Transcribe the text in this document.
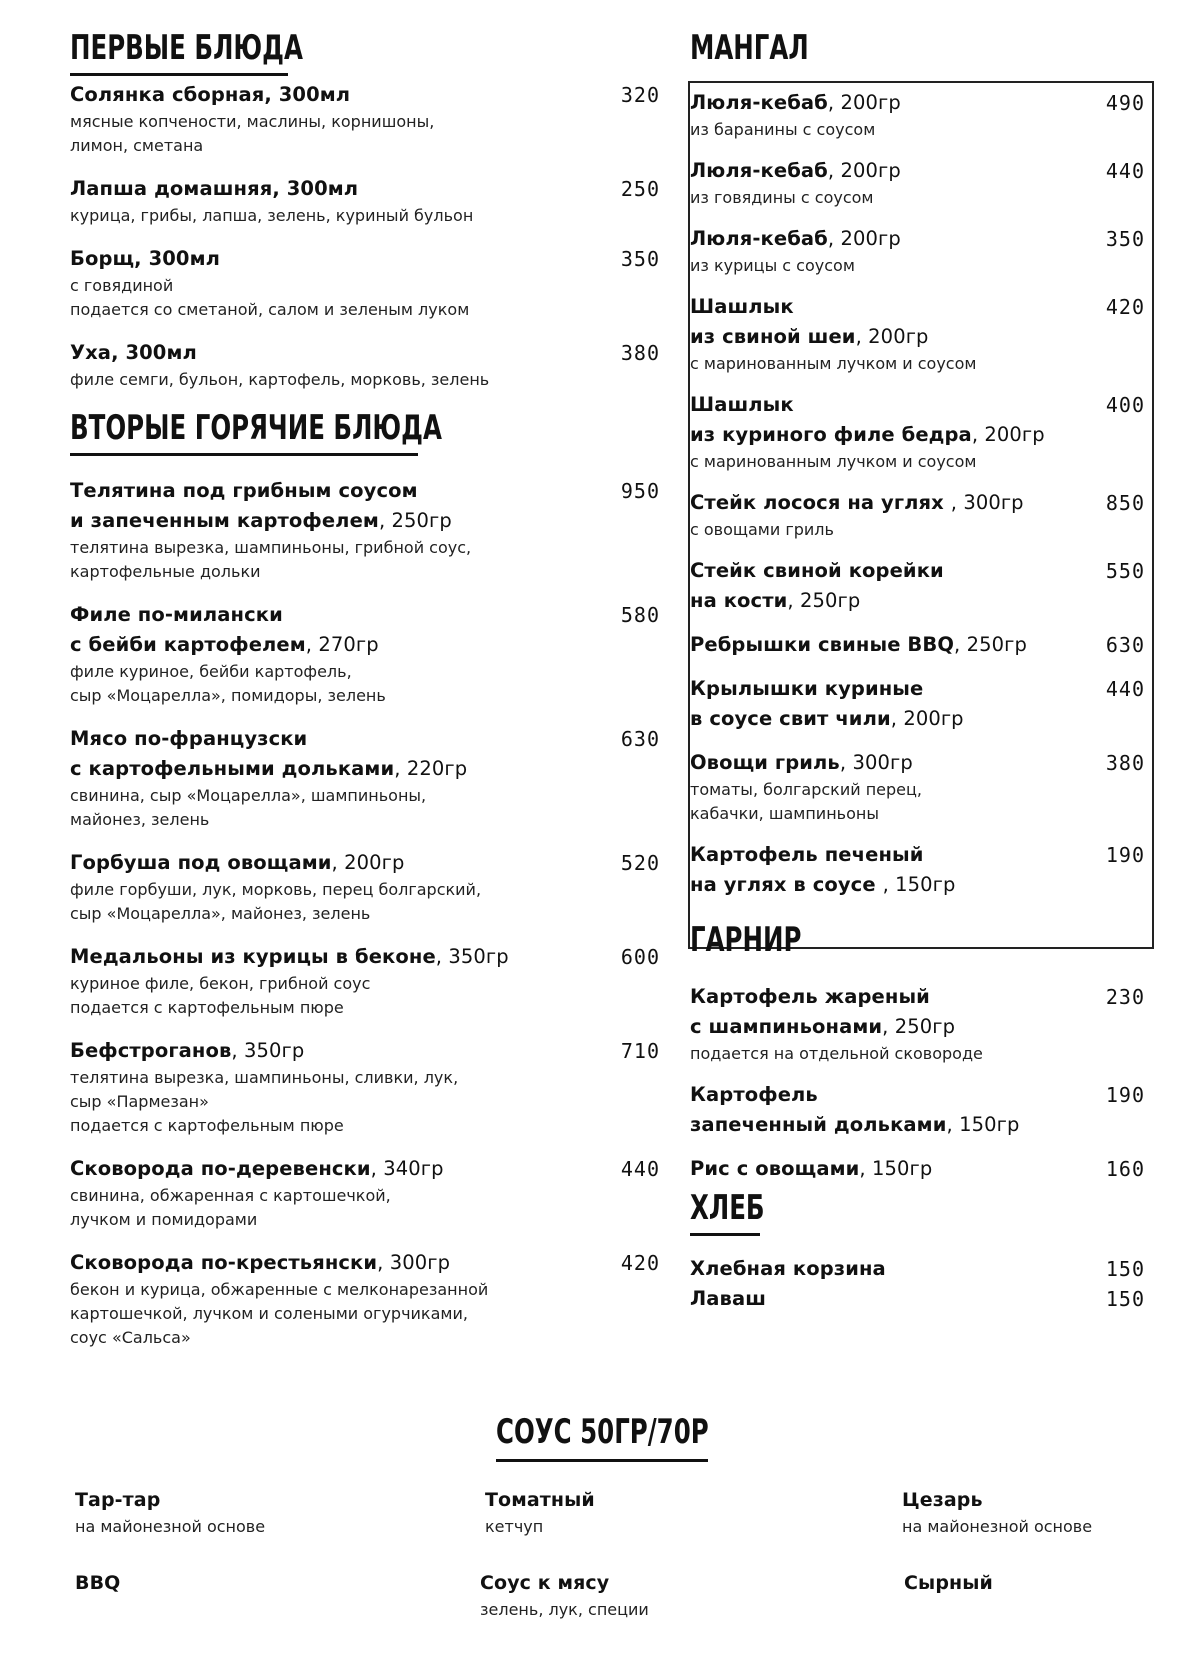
ПЕРВЫЕ БЛЮДА
Солянка сборная, 300мл	320
мясные копчености, маслины, корнишоны,
лимон, сметана
Лапша домашняя, 300мл	250
курица, грибы, лапша, зелень, куриный бульон
Борщ, 300мл	350
с говядиной
подается со сметаной, салом и зеленым луком
Уха, 300мл	380
филе семги, бульон, картофель, морковь, зелень
ВТОРЫЕ ГОРЯЧИЕ БЛЮДА
Телятина под грибным соусом
и запеченным картофелем, 250гр
950
телятина вырезка, шампиньоны, грибной соус,
картофельные дольки
Филе по-милански
с бейби картофелем, 270гр
580
филе куриное, бейби картофель,
сыр «Моцарелла», помидоры, зелень
Мясо по-французски
с картофельными дольками, 220гр
630
свинина, сыр «Моцарелла», шампиньоны,
майонез, зелень
Горбуша под овощами, 200гр	520
филе горбуши, лук, морковь, перец болгарский,
сыр «Моцарелла», майонез, зелень
Медальоны из курицы в беконе, 350гр	600
куриное филе, бекон, грибной соус
подается с картофельным пюре
Бефстроганов, 350гр	710
телятина вырезка, шампиньоны, сливки, лук,
сыр «Пармезан»
подается с картофельным пюре
Сковорода по-деревенски, 340гр	440
свинина, обжаренная с картошечкой,
лучком и помидорами
Сковорода по-крестьянски, 300гр	420
бекон и курица, обжаренные с мелконарезанной
картошечкой, лучком и солеными огурчиками,
соус «Сальса»
МАНГАЛ
Люля-кебаб, 200гр	490
из баранины с соусом
Люля-кебаб, 200гр	440
из говядины с соусом
Люля-кебаб, 200гр	350
из курицы с соусом
Шашлык
из свиной шеи, 200гр
420
с маринованным лучком и соусом
Шашлык
из куриного филе бедра, 200гр
400
с маринованным лучком и соусом
Стейк лосося на углях , 300гр	850
с овощами гриль
Стейк свиной корейки
на кости, 250гр
550
Ребрышки свиные BBQ, 250гр	630
Крылышки куриные
в соусе свит чили, 200гр
440
Овощи гриль, 300гр	380
томаты, болгарский перец,
кабачки, шампиньоны
Картофель печеный
на углях в соусе , 150гр
190
ГАРНИР
Картофель жареный
с шампиньонами, 250гр
230
подается на отдельной сковороде
Картофель
запеченный дольками, 150гр
190
Рис с овощами, 150гр	160
ХЛЕБ
Хлебная корзина	150
Лаваш	150
СОУС 50ГР/70Р
Тар-тар
на майонезной основе
Томатный
кетчуп
Цезарь
на майонезной основе
BBQ	Соус к мясу
зелень, лук, специи
Сырный
